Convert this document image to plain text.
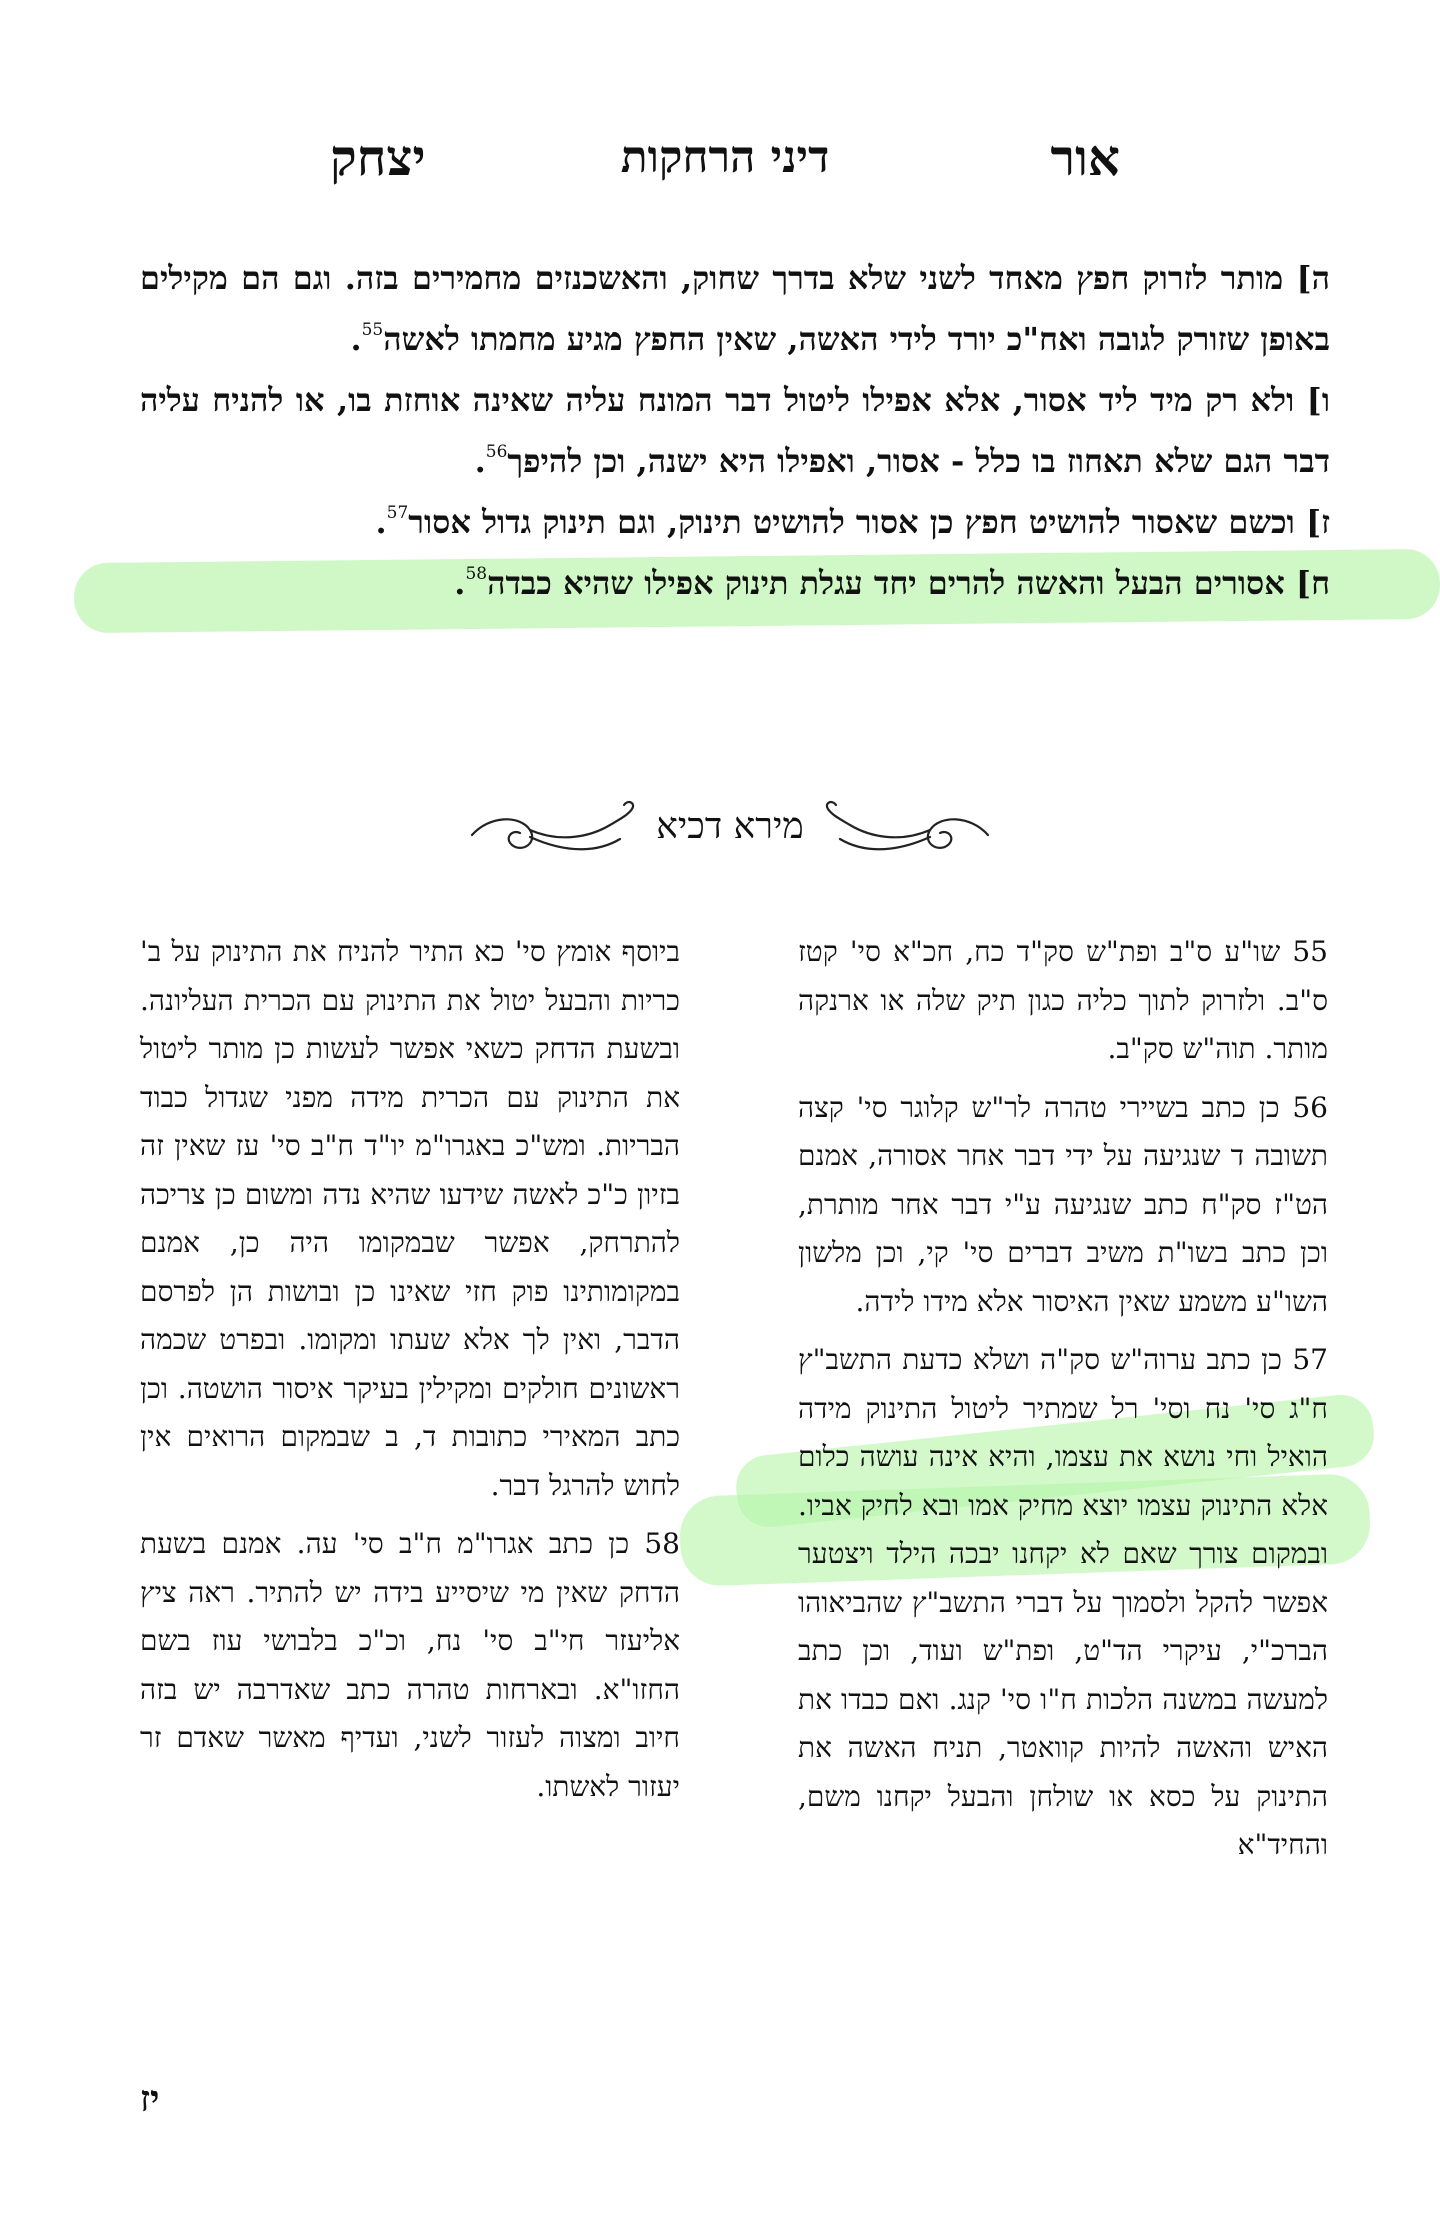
אור
דיני הרחקות
יצחק

ה] מותר לזרוק חפץ מאחד לשני שלא בדרך שחוק, והאשכנזים מחמירים בזה. וגם הם מקילים באופן שזורק לגובה ואח"כ יורד לידי האשה, שאין החפץ מגיע מחמתו לאשה$^{55}$.

ו] ולא רק מיד ליד אסור, אלא אפילו ליטול דבר המונח עליה שאינה אוחזת בו, או להניח עליה דבר הגם שלא תאחוז בו כלל - אסור, ואפילו היא ישנה, וכן להיפך$^{56}$.

ז] וכשם שאסור להושיט חפץ כן אסור להושיט תינוק, וגם תינוק גדול אסור$^{57}$.

ח] אסורים הבעל והאשה להרים יחד עגלת תינוק אפילו שהיא כבדה$^{58}$.

מירא דכיא

55 שו"ע ס"ב ופת"ש סק"ד כח, חכ"א סי' קטז ס"ב. ולזרוק לתוך כליה כגון תיק שלה או ארנקה מותר. תוה"ש סק"ב.

56 כן כתב בשיירי טהרה לר"ש קלוגר סי' קצה תשובה ד שנגיעה על ידי דבר אחר אסורה, אמנם הט"ז סק"ח כתב שנגיעה ע"י דבר אחר מותרת, וכן כתב בשו"ת משיב דברים סי' קי, וכן מלשון השו"ע משמע שאין האיסור אלא מידו לידה.

57 כן כתב ערוה"ש סק"ה ושלא כדעת התשב"ץ ח"ג סי' נח וסי' רל שמתיר ליטול התינוק מידה הואיל וחי נושא את עצמו, והיא אינה עושה כלום אלא התינוק עצמו יוצא מחיק אמו ובא לחיק אביו. ובמקום צורך שאם לא יקחנו יבכה הילד ויצטער אפשר להקל ולסמוך על דברי התשב"ץ שהביאוהו הברכ"י, עיקרי הד"ט, ופת"ש ועוד, וכן כתב למעשה במשנה הלכות ח"ו סי' קנג. ואם כבדו את האיש והאשה להיות קוואטר, תניח האשה את התינוק על כסא או שולחן והבעל יקחנו משם, והחיד"א

ביוסף אומץ סי' כא התיר להניח את התינוק על ב' כריות והבעל יטול את התינוק עם הכרית העליונה. ובשעת הדחק כשאי אפשר לעשות כן מותר ליטול את התינוק עם הכרית מידה מפני שגדול כבוד הבריות. ומש"כ באגרו"מ יו"ד ח"ב סי' עז שאין זה בזיון כ"כ לאשה שידעו שהיא נדה ומשום כן צריכה להתרחק, אפשר שבמקומו היה כן, אמנם במקומותינו פוק חזי שאינו כן ובושות הן לפרסם הדבר, ואין לך אלא שעתו ומקומו. ובפרט שכמה ראשונים חולקים ומקילין בעיקר איסור הושטה. וכן כתב המאירי כתובות ד, ב שבמקום הרואים אין לחוש להרגל דבר.

58 כן כתב אגרו"מ ח"ב סי' עה. אמנם בשעת הדחק שאין מי שיסייע בידה יש להתיר. ראה ציץ אליעזר חי"ב סי' נח, וכ"כ בלבושי עוז בשם החזו"א. ובארחות טהרה כתב שאדרבה יש בזה חיוב ומצוה לעזור לשני, ועדיף מאשר שאדם זר יעזור לאשתו.

יז
